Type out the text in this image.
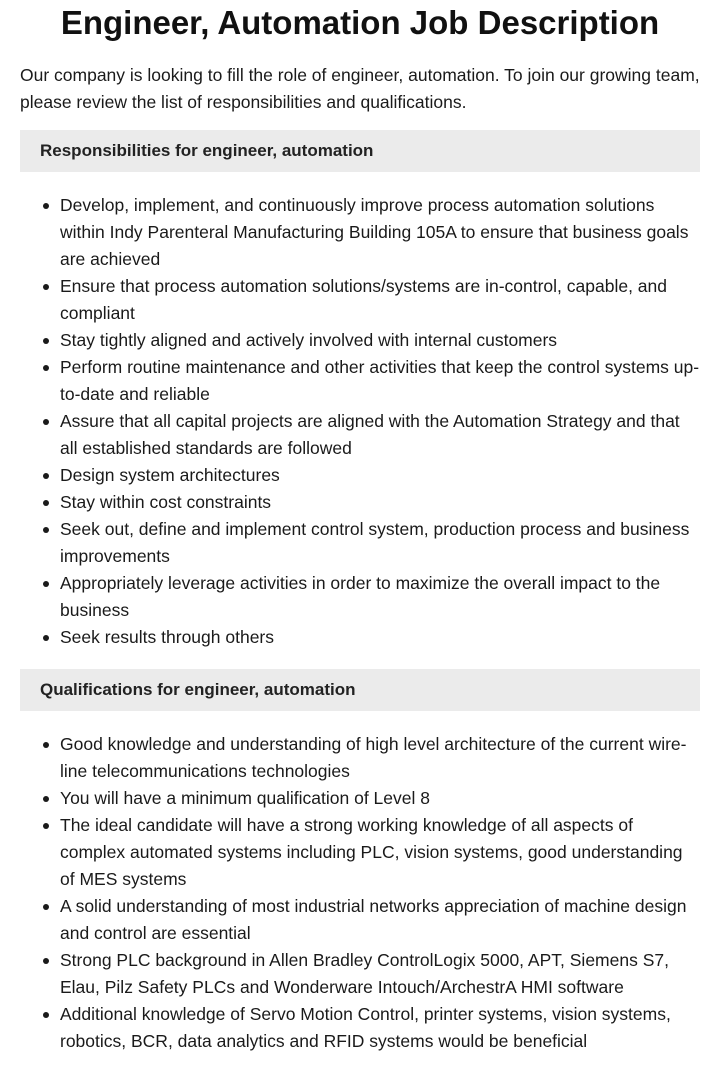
Engineer, Automation Job Description

Our company is looking to fill the role of engineer, automation. To join our growing team, please review the list of responsibilities and qualifications.

Responsibilities for engineer, automation
Develop, implement, and continuously improve process automation solutions within Indy Parenteral Manufacturing Building 105A to ensure that business goals are achieved
Ensure that process automation solutions/systems are in-control, capable, and compliant
Stay tightly aligned and actively involved with internal customers
Perform routine maintenance and other activities that keep the control systems up-to-date and reliable
Assure that all capital projects are aligned with the Automation Strategy and that all established standards are followed
Design system architectures
Stay within cost constraints
Seek out, define and implement control system, production process and business improvements
Appropriately leverage activities in order to maximize the overall impact to the business
Seek results through others
Qualifications for engineer, automation
Good knowledge and understanding of high level architecture of the current wire-line telecommunications technologies
You will have a minimum qualification of Level 8
The ideal candidate will have a strong working knowledge of all aspects of complex automated systems including PLC, vision systems, good understanding of MES systems
A solid understanding of most industrial networks appreciation of machine design and control are essential
Strong PLC background in Allen Bradley ControlLogix 5000, APT, Siemens S7, Elau, Pilz Safety PLCs and Wonderware Intouch/ArchestrA HMI software
Additional knowledge of Servo Motion Control, printer systems, vision systems, robotics, BCR, data analytics and RFID systems would be beneficial
